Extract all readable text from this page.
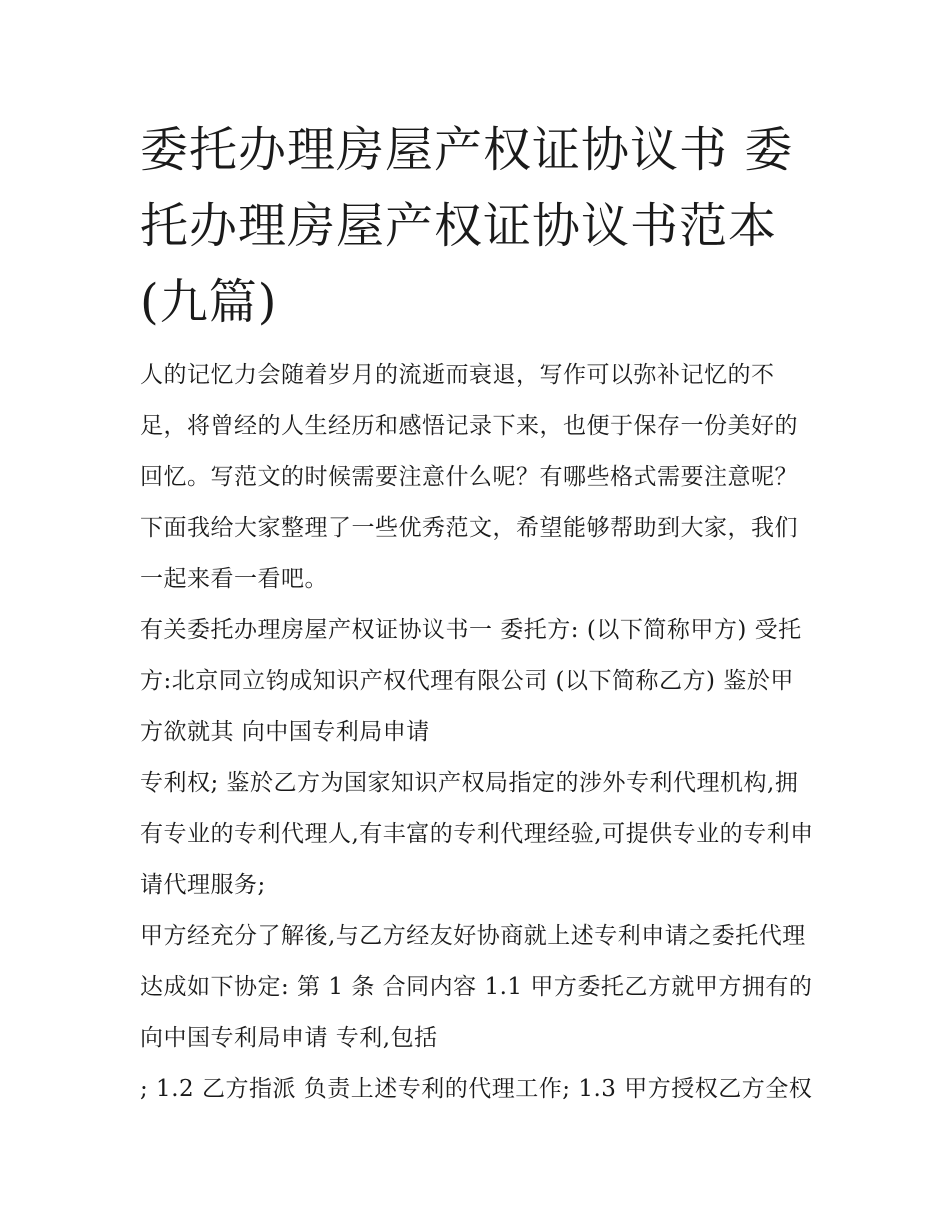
委托办理房屋产权证协议书 委托办理房屋产权证协议书范本(九篇)

人的记忆力会随着岁月的流逝而衰退，写作可以弥补记忆的不足，将曾经的人生经历和感悟记录下来，也便于保存一份美好的回忆。写范文的时候需要注意什么呢？有哪些格式需要注意呢？下面我给大家整理了一些优秀范文，希望能够帮助到大家，我们一起来看一看吧。

有关委托办理房屋产权证协议书一 委托方: (以下简称甲方) 受托方:北京同立钧成知识产权代理有限公司 (以下简称乙方) 鉴於甲方欲就其 向中国专利局申请

专利权; 鉴於乙方为国家知识产权局指定的涉外专利代理机构,拥有专业的专利代理人,有丰富的专利代理经验,可提供专业的专利申请代理服务;

甲方经充分了解後,与乙方经友好协商就上述专利申请之委托代理达成如下协定: 第 1 条 合同内容 1.1 甲方委托乙方就甲方拥有的 向中国专利局申请 专利,包括

; 1.2 乙方指派 负责上述专利的代理工作; 1.3 甲方授权乙方全权
